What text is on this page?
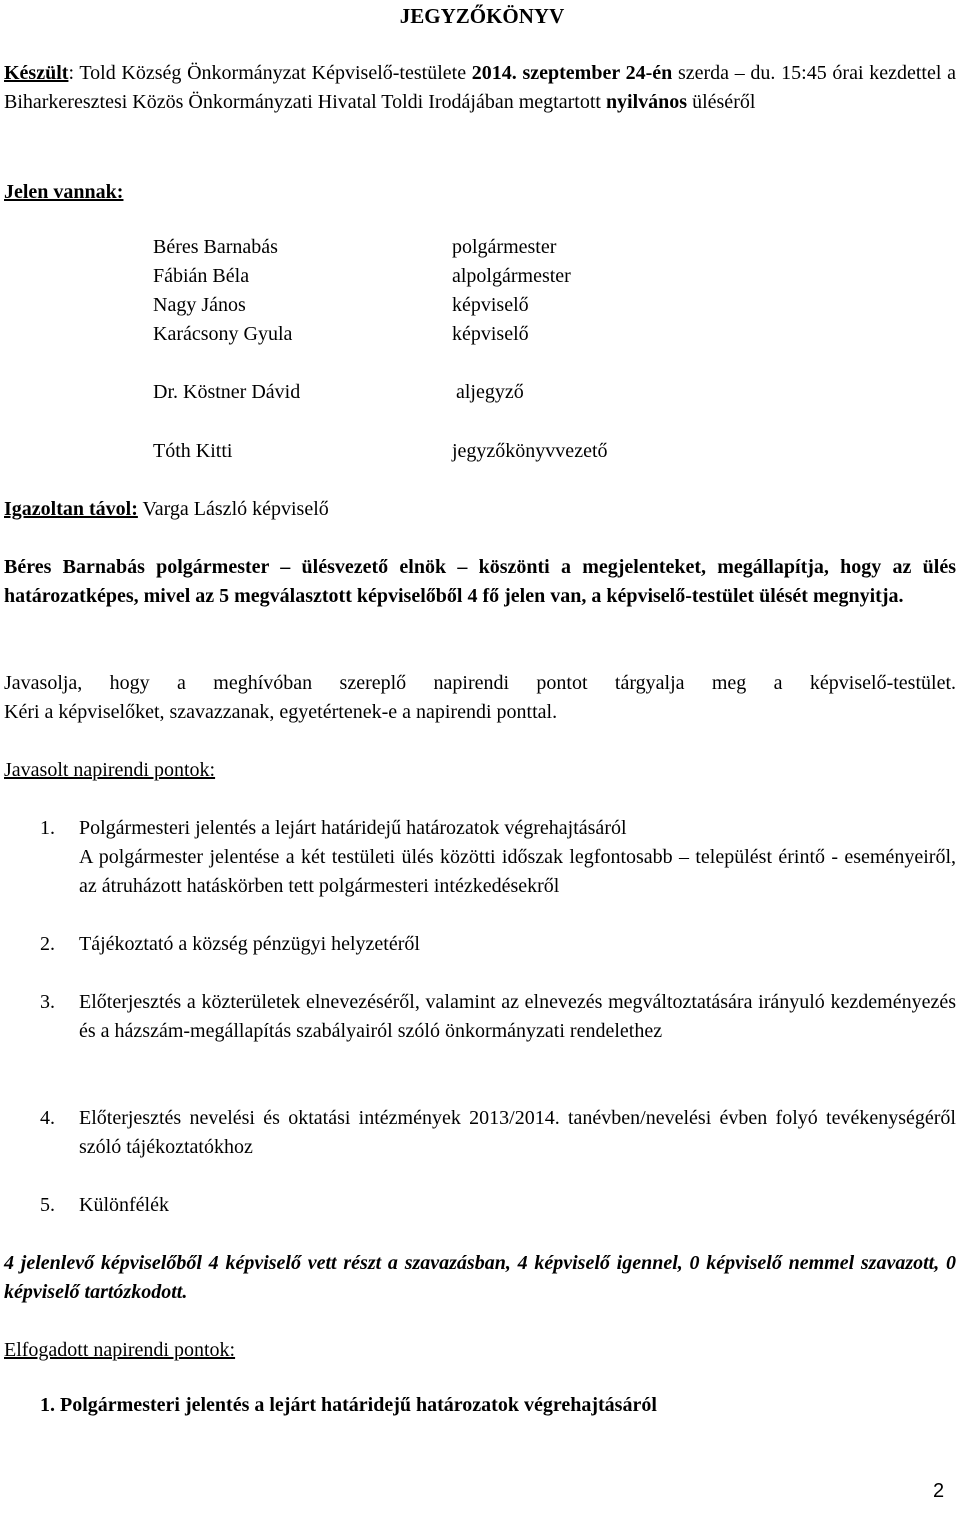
JEGYZŐKÖNYV
Készült: Told Község Önkormányzat Képviselő-testülete 2014. szeptember 24-én szerda – du. 15:45 órai kezdettel a Biharkeresztesi Közös Önkormányzati Hivatal Toldi Irodájában megtartott nyilvános üléséről
Jelen vannak:
Béres Barnabás	polgármester
Fábián Béla	alpolgármester
Nagy János	képviselő
Karácsony Gyula	képviselő
Dr. Köstner Dávid	aljegyző
Tóth Kitti	jegyzőkönyvvezető
Igazoltan távol: Varga László képviselő
Béres Barnabás polgármester – ülésvezető elnök – köszönti a megjelenteket, megállapítja, hogy az ülés határozatképes, mivel az 5 megválasztott képviselőből 4 fő jelen van, a képviselő-testület ülését megnyitja.
Javasolja, hogy a meghívóban szereplő napirendi pontot tárgyalja meg a képviselő-testület.
Kéri a képviselőket, szavazzanak, egyetértenek-e a napirendi ponttal.
Javasolt napirendi pontok:
1. Polgármesteri jelentés a lejárt határidejű határozatok végrehajtásáról
A polgármester jelentése a két testületi ülés közötti időszak legfontosabb – települést érintő - eseményeiről, az átruházott hatáskörben tett polgármesteri intézkedésekről
2. Tájékoztató a község pénzügyi helyzetéről
3. Előterjesztés a közterületek elnevezéséről, valamint az elnevezés megváltoztatására irányuló kezdeményezés és a házszám-megállapítás szabályairól szóló önkormányzati rendelethez
4. Előterjesztés nevelési és oktatási intézmények 2013/2014. tanévben/nevelési évben folyó tevékenységéről szóló tájékoztatókhoz
5. Különfélék
4 jelenlevő képviselőből 4 képviselő vett részt a szavazásban, 4 képviselő igennel, 0 képviselő nemmel szavazott, 0 képviselő tartózkodott.
Elfogadott napirendi pontok:
1. Polgármesteri jelentés a lejárt határidejű határozatok végrehajtásáról
2
